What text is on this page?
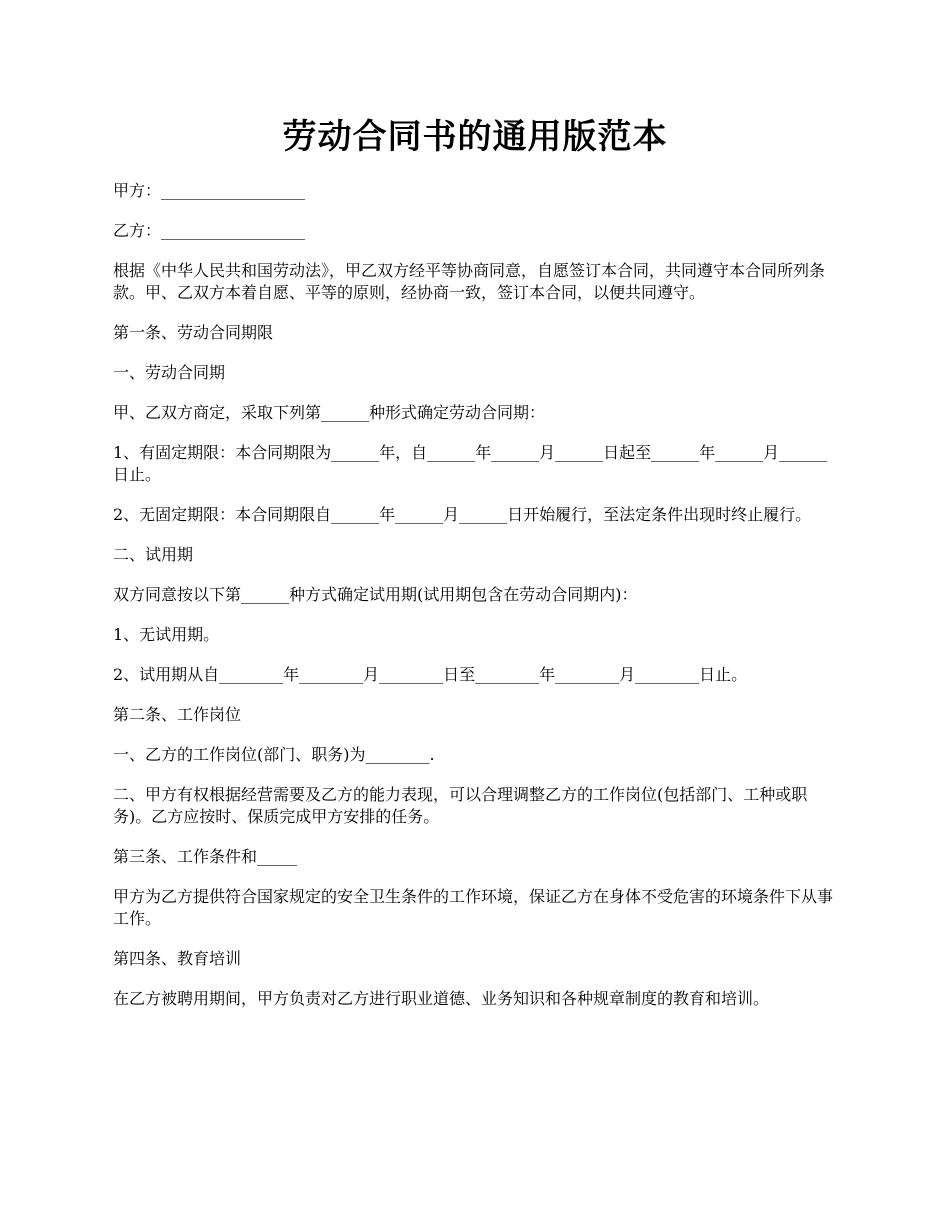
劳动合同书的通用版范本

甲方：__________________

乙方：__________________

根据《中华人民共和国劳动法》，甲乙双方经平等协商同意，自愿签订本合同，共同遵守本合同所列条款。甲、乙双方本着自愿、平等的原则，经协商一致，签订本合同，以便共同遵守。

第一条、劳动合同期限

一、劳动合同期

甲、乙双方商定，采取下列第______种形式确定劳动合同期：

1、有固定期限：本合同期限为______年，自______年______月______日起至______年______月______日止。

2、无固定期限：本合同期限自______年______月______日开始履行，至法定条件出现时终止履行。

二、试用期

双方同意按以下第______种方式确定试用期(试用期包含在劳动合同期内)：

1、无试用期。

2、试用期从自________年________月________日至________年________月________日止。

第二条、工作岗位

一、乙方的工作岗位(部门、职务)为________.

二、甲方有权根据经营需要及乙方的能力表现，可以合理调整乙方的工作岗位(包括部门、工种或职务)。乙方应按时、保质完成甲方安排的任务。

第三条、工作条件和_____

甲方为乙方提供符合国家规定的安全卫生条件的工作环境，保证乙方在身体不受危害的环境条件下从事工作。

第四条、教育培训

在乙方被聘用期间，甲方负责对乙方进行职业道德、业务知识和各种规章制度的教育和培训。
